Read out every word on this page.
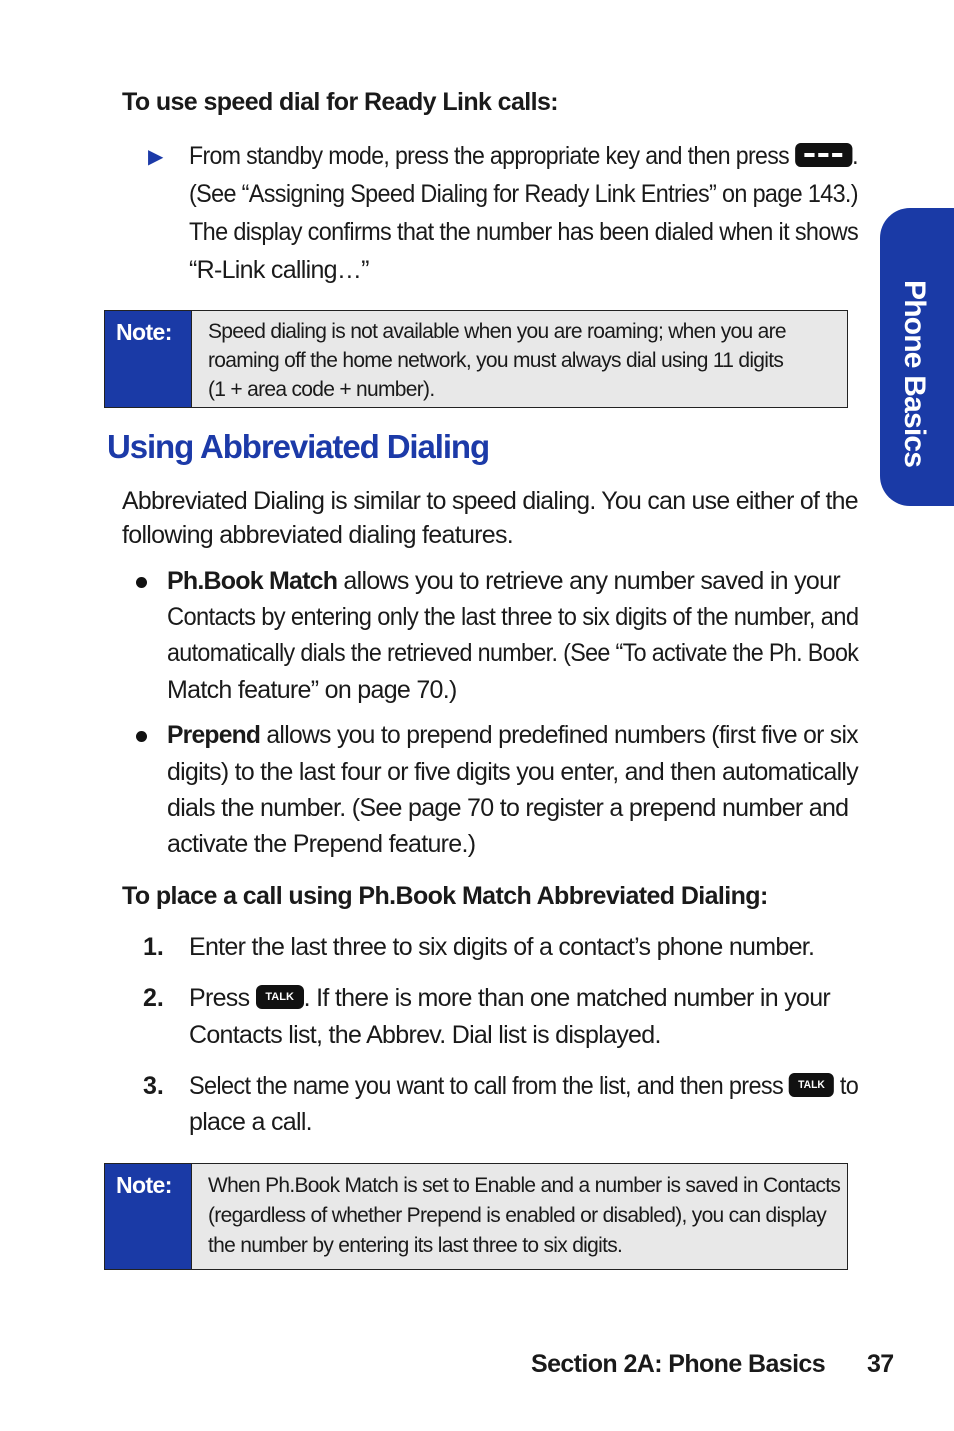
Phone Basics
To use speed dial for Ready Link calls:
▶ From standby mode, press the appropriate key and then press	.
(See “Assigning Speed Dialing for Ready Link Entries” on page 143.)
The display confirms that the number has been dialed when it shows
“R-Link calling…”
Note: Speed dialing is not available when you are roaming; when you are
roaming off the home network, you must always dial using 11 digits
(1 + area code + number).
Using Abbreviated Dialing
Abbreviated Dialing is similar to speed dialing. You can use either of the
following abbreviated dialing features.
Ph.Book Match allows you to retrieve any number saved in your
Contacts by entering only the last three to six digits of the number, and
automatically dials the retrieved number. (See “To activate the Ph. Book
Match feature” on page 70.)
Prepend allows you to prepend predefined numbers (first five or six
digits) to the last four or five digits you enter, and then automatically
dials the number. (See page 70 to register a prepend number and
activate the Prepend feature.)
To place a call using Ph.Book Match Abbreviated Dialing:
1. Enter the last three to six digits of a contact’s phone number.
2. Press TALK . If there is more than one matched number in your
Contacts list, the Abbrev. Dial list is displayed.
3. Select the name you want to call from the list, and then press TALK to
place a call.
Note: When Ph.Book Match is set to Enable and a number is saved in Contacts
(regardless of whether Prepend is enabled or disabled), you can display
the number by entering its last three to six digits.
Section 2A: Phone Basics 37
